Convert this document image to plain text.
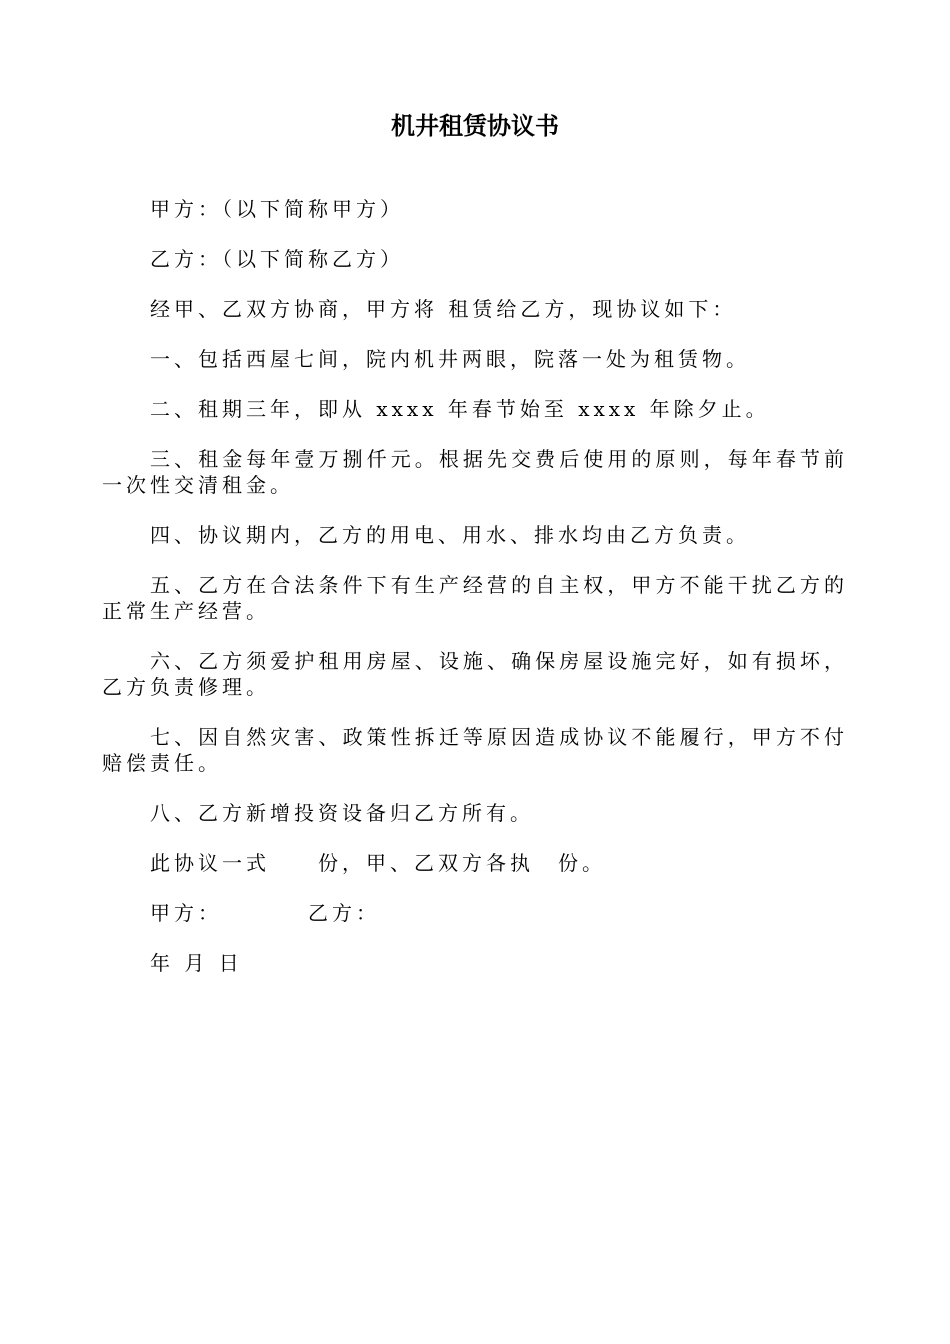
机井租赁协议书

甲方：（以下简称甲方）

乙方：（以下简称乙方）

经甲、乙双方协商，甲方将 租赁给乙方，现协议如下：

一、包括西屋七间，院内机井两眼，院落一处为租赁物。

二、租期三年，即从 xxxx 年春节始至 xxxx 年除夕止。

三、租金每年壹万捌仟元。根据先交费后使用的原则，每年春节前一次性交清租金。

四、协议期内，乙方的用电、用水、排水均由乙方负责。

五、乙方在合法条件下有生产经营的自主权，甲方不能干扰乙方的正常生产经营。

六、乙方须爱护租用房屋、设施、确保房屋设施完好，如有损坏，乙方负责修理。

七、因自然灾害、政策性拆迁等原因造成协议不能履行，甲方不付赔偿责任。

八、乙方新增投资设备归乙方所有。

此协议一式　　份，甲、乙双方各执　份。

甲方：　　　　乙方：

年 月 日
